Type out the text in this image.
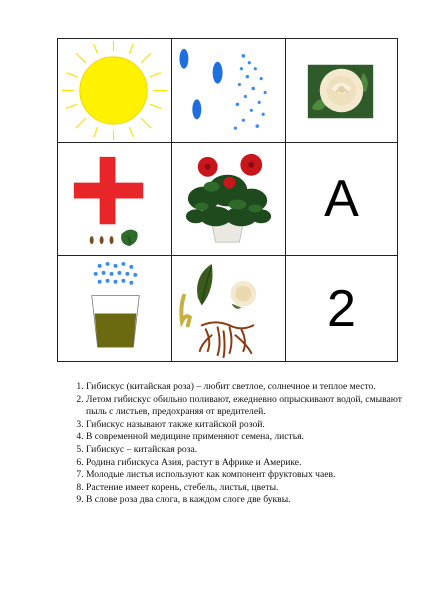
А
2
1. Гибискус (китайская роза) – любит светлое, солнечное и теплое место.
2. Летом гибискус обильно поливают, ежедневно опрыскивают водой, смывают пыль с листьев, предохраняя от вредителей.
3. Гибискус называют также китайской розой.
4. В современной медицине применяют семена, листья.
5. Гибискус – китайская роза.
6. Родина гибискуса Азия, растут в Африке и Америке.
7. Молодые листья используют как компонент фруктовых чаев.
8. Растение имеет корень, стебель, листья, цветы.
9. В слове роза два слога, в каждом слоге две буквы.
